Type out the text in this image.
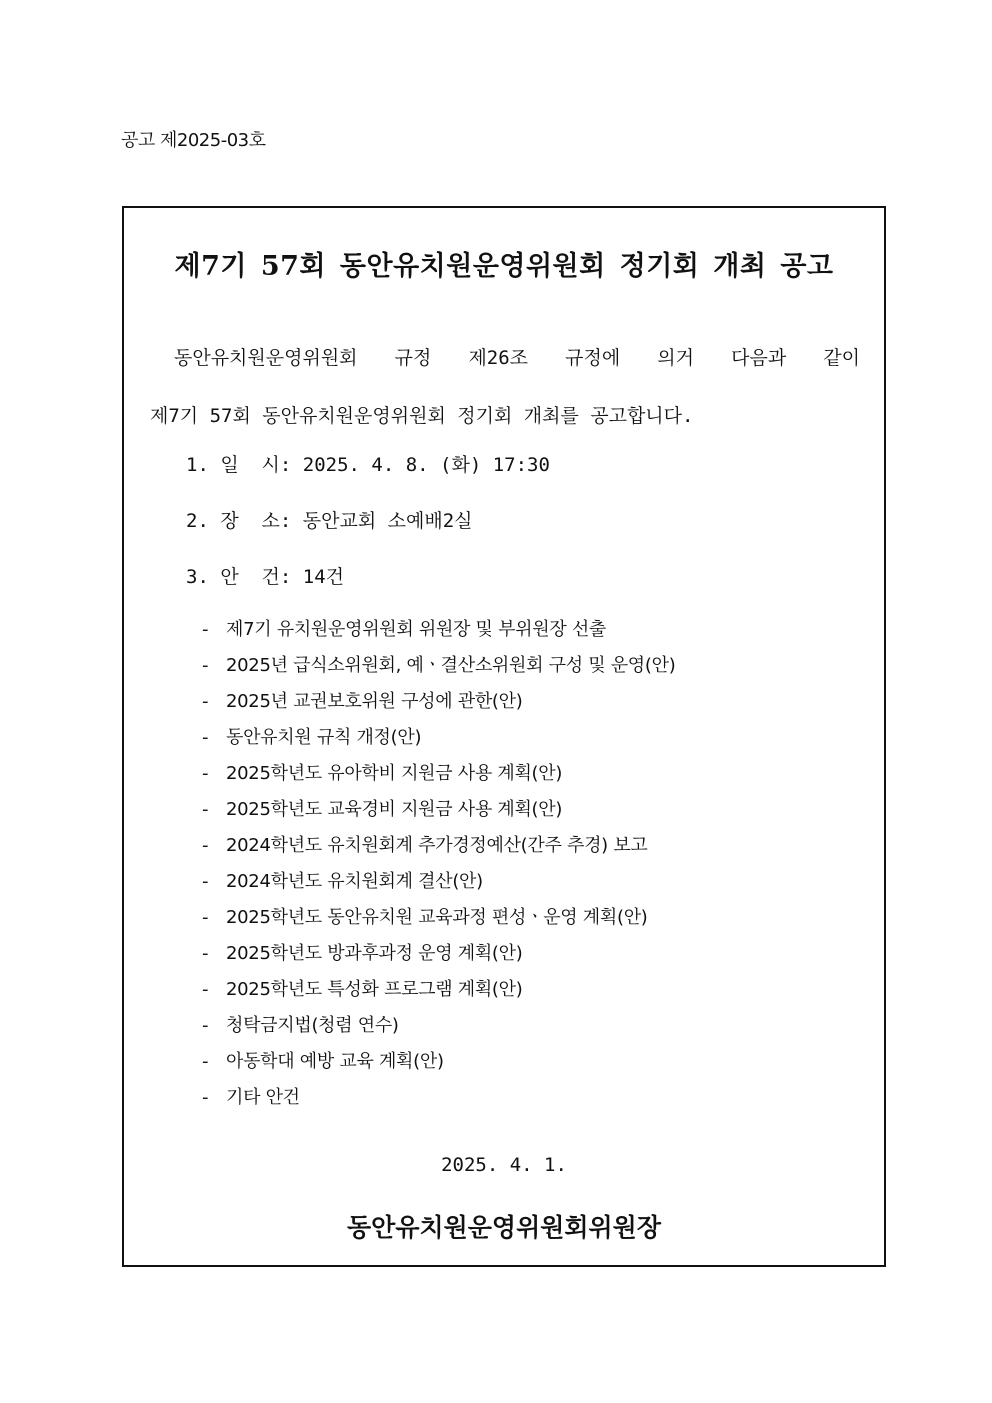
공고 제2025-03호
제7기 57회 동안유치원운영위원회 정기회 개최 공고
동안유치원운영위원회 규정 제26조 규정에 의거 다음과 같이
제7기 57회 동안유치원운영위원회 정기회 개최를 공고합니다.
1. 일  시: 2025. 4. 8. (화) 17:30
2. 장  소: 동안교회 소예배2실
3. 안  건: 14건
- 제7기 유치원운영위원회 위원장 및 부위원장 선출
- 2025년 급식소위원회, 예ㆍ결산소위원회 구성 및 운영(안)
- 2025년 교권보호위원 구성에 관한(안)
- 동안유치원 규칙 개정(안)
- 2025학년도 유아학비 지원금 사용 계획(안)
- 2025학년도 교육경비 지원금 사용 계획(안)
- 2024학년도 유치원회계 추가경정예산(간주 추경) 보고
- 2024학년도 유치원회계 결산(안)
- 2025학년도 동안유치원 교육과정 편성ㆍ운영 계획(안)
- 2025학년도 방과후과정 운영 계획(안)
- 2025학년도 특성화 프로그램 계획(안)
- 청탁금지법(청렴 연수)
- 아동학대 예방 교육 계획(안)
- 기타 안건
2025. 4. 1.
동안유치원운영위원회위원장
